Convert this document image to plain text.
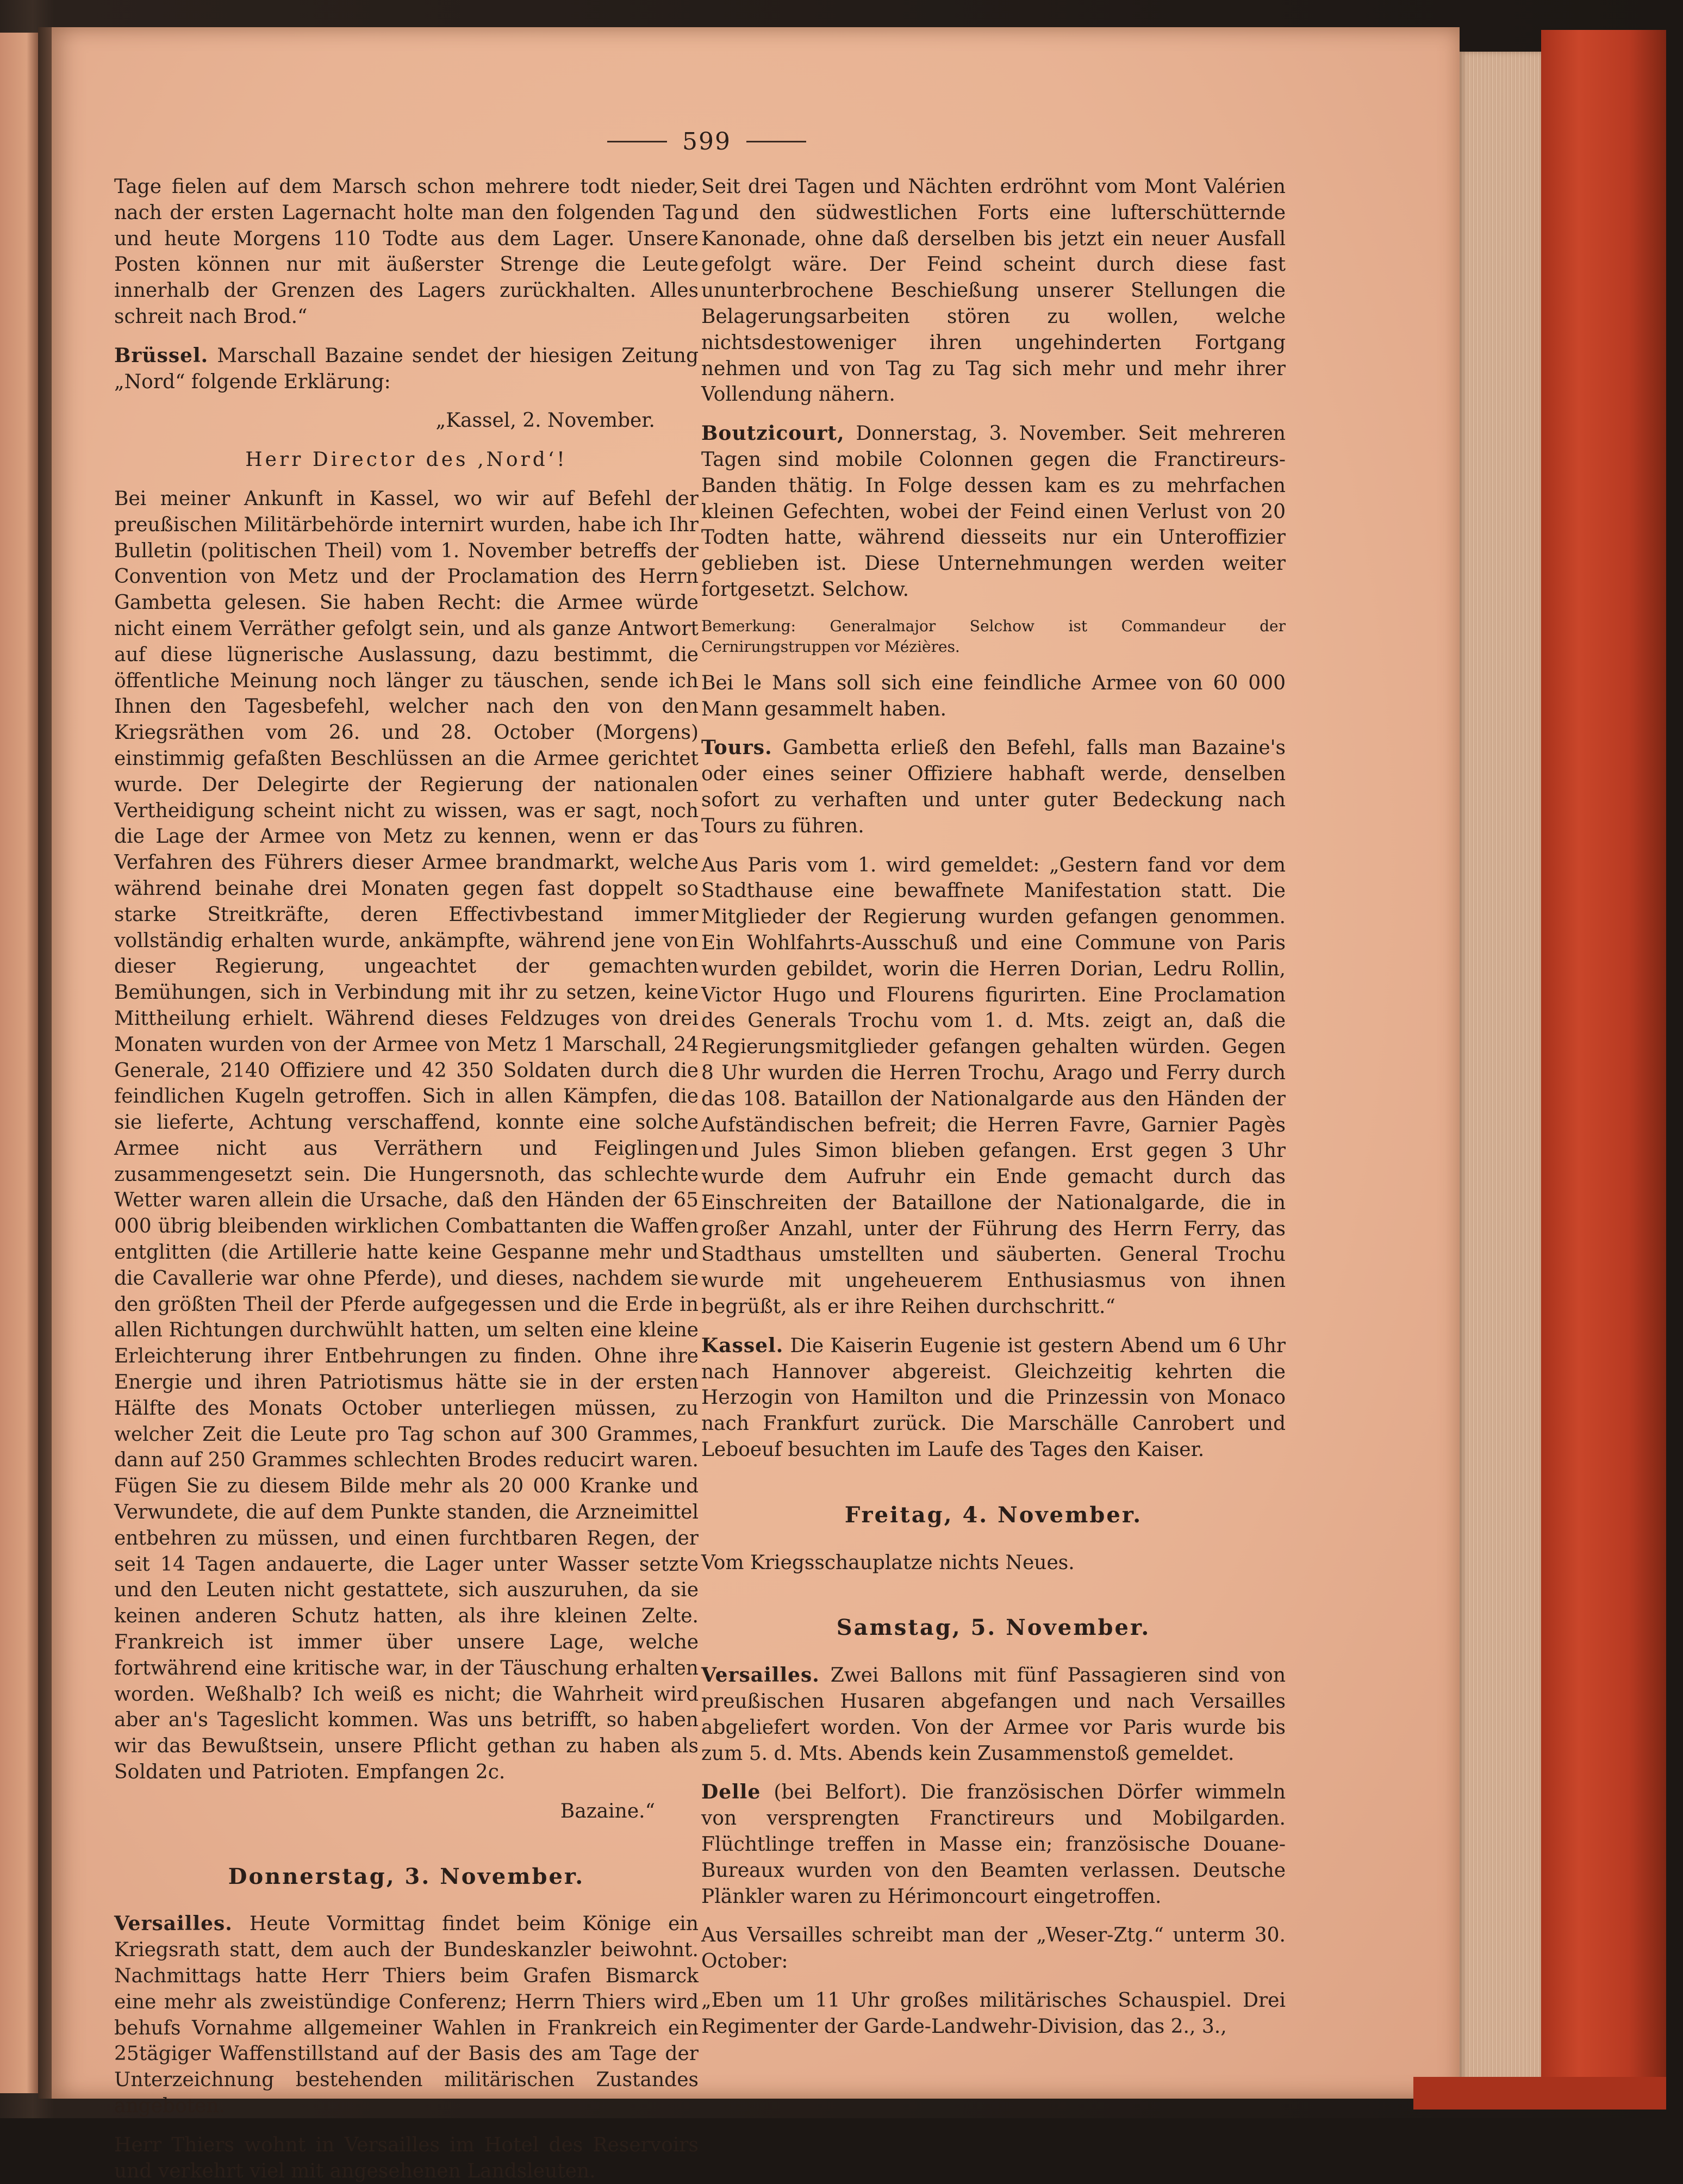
599

Tage fielen auf dem Marsch schon mehrere todt nieder, nach der ersten Lagernacht holte man den folgenden Tag und heute Morgens 110 Todte aus dem Lager. Unsere Posten können nur mit äußerster Strenge die Leute innerhalb der Grenzen des Lagers zurückhalten. Alles schreit nach Brod.“

Brüssel. Marschall Bazaine sendet der hiesigen Zeitung „Nord“ folgende Erklärung:

„Kassel, 2. November.

Herr Director des ‚Nord‘!

Bei meiner Ankunft in Kassel, wo wir auf Befehl der preußischen Militärbehörde internirt wurden, habe ich Ihr Bulletin (politischen Theil) vom 1. November betreffs der Convention von Metz und der Proclamation des Herrn Gambetta gelesen. Sie haben Recht: die Armee würde nicht einem Verräther gefolgt sein, und als ganze Antwort auf diese lügnerische Auslassung, dazu bestimmt, die öffentliche Meinung noch länger zu täuschen, sende ich Ihnen den Tagesbefehl, welcher nach den von den Kriegsräthen vom 26. und 28. October (Morgens) einstimmig gefaßten Beschlüssen an die Armee gerichtet wurde. Der Delegirte der Regierung der nationalen Vertheidigung scheint nicht zu wissen, was er sagt, noch die Lage der Armee von Metz zu kennen, wenn er das Verfahren des Führers dieser Armee brandmarkt, welche während beinahe drei Monaten gegen fast doppelt so starke Streitkräfte, deren Effectivbestand immer vollständig erhalten wurde, ankämpfte, während jene von dieser Regierung, ungeachtet der gemachten Bemühungen, sich in Verbindung mit ihr zu setzen, keine Mittheilung erhielt. Während dieses Feldzuges von drei Monaten wurden von der Armee von Metz 1 Marschall, 24 Generale, 2140 Offiziere und 42 350 Soldaten durch die feindlichen Kugeln getroffen. Sich in allen Kämpfen, die sie lieferte, Achtung verschaffend, konnte eine solche Armee nicht aus Verräthern und Feiglingen zusammengesetzt sein. Die Hungersnoth, das schlechte Wetter waren allein die Ursache, daß den Händen der 65 000 übrig bleibenden wirklichen Combattanten die Waffen entglitten (die Artillerie hatte keine Gespanne mehr und die Cavallerie war ohne Pferde), und dieses, nachdem sie den größten Theil der Pferde aufgegessen und die Erde in allen Richtungen durchwühlt hatten, um selten eine kleine Erleichterung ihrer Entbehrungen zu finden. Ohne ihre Energie und ihren Patriotismus hätte sie in der ersten Hälfte des Monats October unterliegen müssen, zu welcher Zeit die Leute pro Tag schon auf 300 Grammes, dann auf 250 Grammes schlechten Brodes reducirt waren. Fügen Sie zu diesem Bilde mehr als 20 000 Kranke und Verwundete, die auf dem Punkte standen, die Arzneimittel entbehren zu müssen, und einen furchtbaren Regen, der seit 14 Tagen andauerte, die Lager unter Wasser setzte und den Leuten nicht gestattete, sich auszuruhen, da sie keinen anderen Schutz hatten, als ihre kleinen Zelte. Frankreich ist immer über unsere Lage, welche fortwährend eine kritische war, in der Täuschung erhalten worden. Weßhalb? Ich weiß es nicht; die Wahrheit wird aber an's Tageslicht kommen. Was uns betrifft, so haben wir das Bewußtsein, unsere Pflicht gethan zu haben als Soldaten und Patrioten. Empfangen 2c.

Bazaine.“

Donnerstag, 3. November.

Versailles. Heute Vormittag findet beim Könige ein Kriegsrath statt, dem auch der Bundeskanzler beiwohnt. Nachmittags hatte Herr Thiers beim Grafen Bismarck eine mehr als zweistündige Conferenz; Herrn Thiers wird behufs Vornahme allgemeiner Wahlen in Frankreich ein 25tägiger Waffenstillstand auf der Basis des am Tage der Unterzeichnung bestehenden militärischen Zustandes angeboten.

Herr Thiers wohnt in Versailles im Hotel des Reservoirs und verkehrt viel mit angesehenen Landsleuten.

Seit drei Tagen und Nächten erdröhnt vom Mont Valérien und den südwestlichen Forts eine lufterschütternde Kanonade, ohne daß derselben bis jetzt ein neuer Ausfall gefolgt wäre. Der Feind scheint durch diese fast ununterbrochene Beschießung unserer Stellungen die Belagerungsarbeiten stören zu wollen, welche nichtsdestoweniger ihren ungehinderten Fortgang nehmen und von Tag zu Tag sich mehr und mehr ihrer Vollendung nähern.

Boutzicourt, Donnerstag, 3. November. Seit mehreren Tagen sind mobile Colonnen gegen die Franctireurs-Banden thätig. In Folge dessen kam es zu mehrfachen kleinen Gefechten, wobei der Feind einen Verlust von 20 Todten hatte, während diesseits nur ein Unteroffizier geblieben ist. Diese Unternehmungen werden weiter fortgesetzt. Selchow.

Bemerkung: Generalmajor Selchow ist Commandeur der Cernirungstruppen vor Mézières.

Bei le Mans soll sich eine feindliche Armee von 60 000 Mann gesammelt haben.

Tours. Gambetta erließ den Befehl, falls man Bazaine's oder eines seiner Offiziere habhaft werde, denselben sofort zu verhaften und unter guter Bedeckung nach Tours zu führen.

Aus Paris vom 1. wird gemeldet: „Gestern fand vor dem Stadthause eine bewaffnete Manifestation statt. Die Mitglieder der Regierung wurden gefangen genommen. Ein Wohlfahrts-Ausschuß und eine Commune von Paris wurden gebildet, worin die Herren Dorian, Ledru Rollin, Victor Hugo und Flourens figurirten. Eine Proclamation des Generals Trochu vom 1. d. Mts. zeigt an, daß die Regierungsmitglieder gefangen gehalten würden. Gegen 8 Uhr wurden die Herren Trochu, Arago und Ferry durch das 108. Bataillon der Nationalgarde aus den Händen der Aufständischen befreit; die Herren Favre, Garnier Pagès und Jules Simon blieben gefangen. Erst gegen 3 Uhr wurde dem Aufruhr ein Ende gemacht durch das Einschreiten der Bataillone der Nationalgarde, die in großer Anzahl, unter der Führung des Herrn Ferry, das Stadthaus umstellten und säuberten. General Trochu wurde mit ungeheuerem Enthusiasmus von ihnen begrüßt, als er ihre Reihen durchschritt.“

Kassel. Die Kaiserin Eugenie ist gestern Abend um 6 Uhr nach Hannover abgereist. Gleichzeitig kehrten die Herzogin von Hamilton und die Prinzessin von Monaco nach Frankfurt zurück. Die Marschälle Canrobert und Leboeuf besuchten im Laufe des Tages den Kaiser.

Freitag, 4. November.

Vom Kriegsschauplatze nichts Neues.

Samstag, 5. November.

Versailles. Zwei Ballons mit fünf Passagieren sind von preußischen Husaren abgefangen und nach Versailles abgeliefert worden. Von der Armee vor Paris wurde bis zum 5. d. Mts. Abends kein Zusammenstoß gemeldet.

Delle (bei Belfort). Die französischen Dörfer wimmeln von versprengten Franctireurs und Mobilgarden. Flüchtlinge treffen in Masse ein; französische Douane-Bureaux wurden von den Beamten verlassen. Deutsche Plänkler waren zu Hérimoncourt eingetroffen.

Aus Versailles schreibt man der „Weser-Ztg.“ unterm 30. October:

„Eben um 11 Uhr großes militärisches Schauspiel. Drei Regimenter der Garde-Landwehr-Division, das 2., 3.,
